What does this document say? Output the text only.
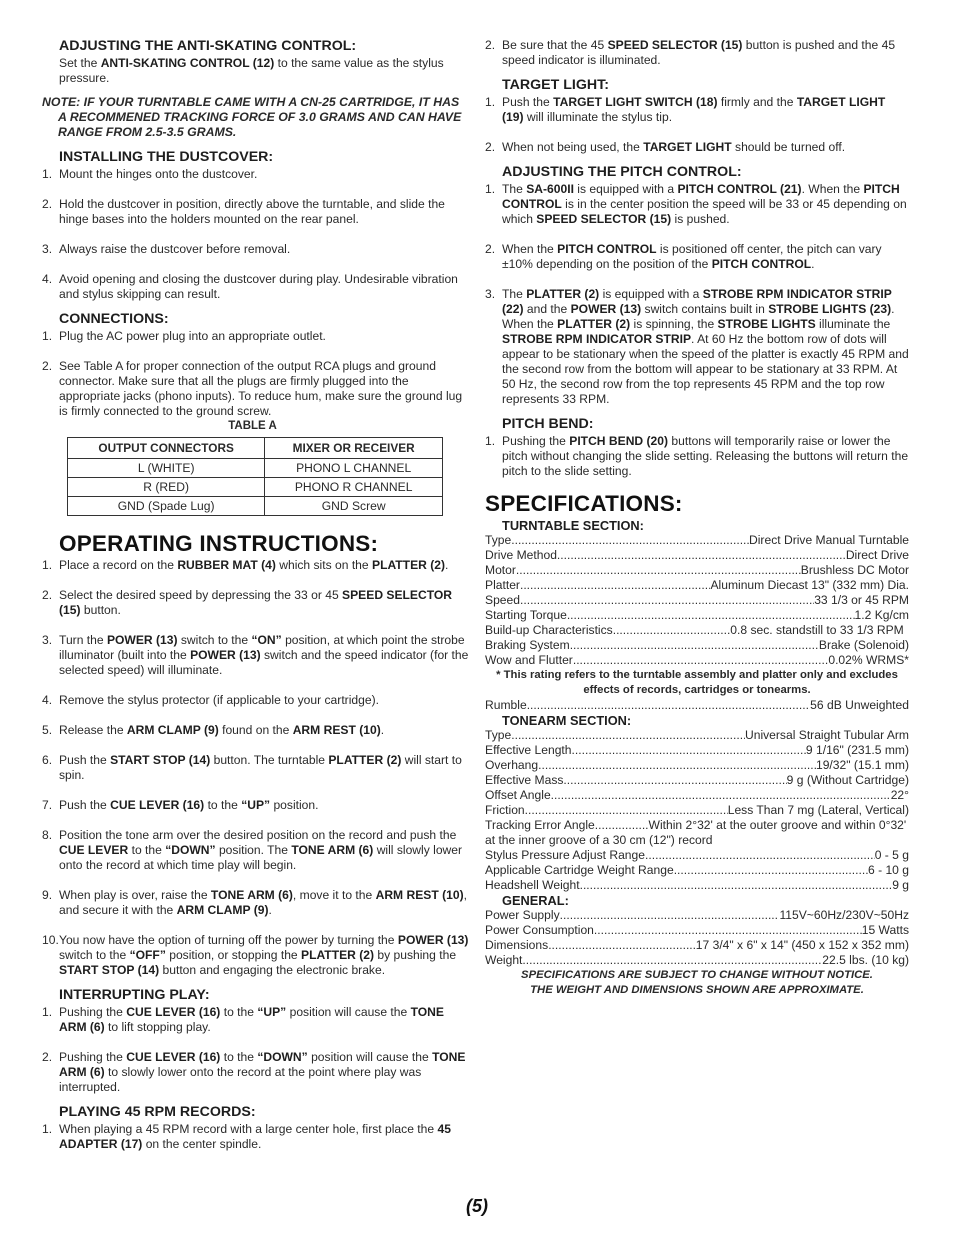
ADJUSTING THE ANTI-SKATING CONTROL:
Set the ANTI-SKATING CONTROL (12) to the same value as the stylus pressure.
NOTE: IF YOUR TURNTABLE CAME WITH A CN-25 CARTRIDGE, IT HAS A RECOMMENED TRACKING FORCE OF 3.0 GRAMS AND CAN HAVE RANGE FROM 2.5-3.5 GRAMS.
INSTALLING THE DUSTCOVER:
1. Mount the hinges onto the dustcover.
2. Hold the dustcover in position, directly above the turntable, and slide the hinge bases into the holders mounted on the rear panel.
3. Always raise the dustcover before removal.
4. Avoid opening and closing the dustcover during play. Undesirable vibration and stylus skipping can result.
CONNECTIONS:
1. Plug the AC power plug into an appropriate outlet.
2. See Table A for proper connection of the output RCA plugs and ground connector. Make sure that all the plugs are firmly plugged into the appropriate jacks (phono inputs). To reduce hum, make sure the ground lug is firmly connected to the ground screw.
TABLE A
OUTPUT CONNECTORS	MIXER OR RECEIVER
L (WHITE)	PHONO L CHANNEL
R (RED)	PHONO R CHANNEL
GND (Spade Lug)	GND Screw
OPERATING INSTRUCTIONS:
1. Place a record on the RUBBER MAT (4) which sits on the PLATTER (2).
2. Select the desired speed by depressing the 33 or 45 SPEED SELECTOR (15) button.
3. Turn the POWER (13) switch to the “ON” position, at which point the strobe illuminator (built into the POWER (13) switch and the speed indicator (for the selected speed) will illuminate.
4. Remove the stylus protector (if applicable to your cartridge).
5. Release the ARM CLAMP (9) found on the ARM REST (10).
6. Push the START STOP (14) button. The turntable PLATTER (2) will start to spin.
7. Push the CUE LEVER (16) to the “UP” position.
8. Position the tone arm over the desired position on the record and push the CUE LEVER to the “DOWN” position. The TONE ARM (6) will slowly lower onto the record at which time play will begin.
9. When play is over, raise the TONE ARM (6), move it to the ARM REST (10), and secure it with the ARM CLAMP (9).
10. You now have the option of turning off the power by turning the POWER (13) switch to the “OFF” position, or stopping the PLATTER (2) by pushing the START STOP (14) button and engaging the electronic brake.
INTERRUPTING PLAY:
1. Pushing the CUE LEVER (16) to the “UP” position will cause the TONE ARM (6) to lift stopping play.
2. Pushing the CUE LEVER (16) to the “DOWN” position will cause the TONE ARM (6) to slowly lower onto the record at the point where play was interrupted.
PLAYING 45 RPM RECORDS:
1. When playing a 45 RPM record with a large center hole, first place the 45 ADAPTER (17) on the center spindle.
2. Be sure that the 45 SPEED SELECTOR (15) button is pushed and the 45 speed indicator is illuminated.
TARGET LIGHT:
1. Push the TARGET LIGHT SWITCH (18) firmly and the TARGET LIGHT (19) will illuminate the stylus tip.
2. When not being used, the TARGET LIGHT should be turned off.
ADJUSTING THE PITCH CONTROL:
1. The SA-600II is equipped with a PITCH CONTROL (21). When the PITCH CONTROL is in the center position the speed will be 33 or 45 depending on which SPEED SELECTOR (15) is pushed.
2. When the PITCH CONTROL is positioned off center, the pitch can vary ±10% depending on the position of the PITCH CONTROL.
3. The PLATTER (2) is equipped with a STROBE RPM INDICATOR STRIP (22) and the POWER (13) switch contains built in STROBE LIGHTS (23). When the PLATTER (2) is spinning, the STROBE LIGHTS illuminate the STROBE RPM INDICATOR STRIP. At 60 Hz the bottom row of dots will appear to be stationary when the speed of the platter is exactly 45 RPM and the second row from the bottom will appear to be stationary at 33 RPM. At 50 Hz, the second row from the top represents 45 RPM and the top row represents 33 RPM.
PITCH BEND:
1. Pushing the PITCH BEND (20) buttons will temporarily raise or lower the pitch without changing the slide setting. Releasing the buttons will return the pitch to the slide setting.
SPECIFICATIONS:
TURNTABLE SECTION:
Type .....	Direct Drive Manual Turntable
Drive Method .....	Direct Drive
Motor .....	Brushless DC Motor
Platter .....	Aluminum Diecast 13" (332 mm) Dia.
Speed .....	33 1/3 or 45 RPM
Starting Torque .....	1.2 Kg/cm
Build-up Characteristics...................................0.8 sec. standstill to 33 1/3 RPM
Braking System .....	Brake (Solenoid)
Wow and Flutter .....	0.02% WRMS*
* This rating refers to the turntable assembly and platter only and excludes effects of records, cartridges or tonearms.
Rumble .....	56 dB Unweighted
TONEARM SECTION:
Type .....	Universal Straight Tubular Arm
Effective Length .....	9 1/16" (231.5 mm)
Overhang .....	19/32" (15.1 mm)
Effective Mass .....	9 g (Without Cartridge)
Offset Angle .....	22°
Friction .....	Less Than 7 mg (Lateral, Vertical)
Tracking Error Angle................Within 2°32' at the outer groove and within 0°32' at the inner groove of a 30 cm (12") record
Stylus Pressure Adjust Range .....	0 - 5 g
Applicable Cartridge Weight Range .....	6 - 10 g
Headshell Weight .....	9 g
GENERAL:
Power Supply .....	115V~60Hz/230V~50Hz
Power Consumption .....	15 Watts
Dimensions .....	17 3/4" x 6" x 14" (450 x 152 x 352 mm)
Weight .....	22.5 lbs. (10 kg)
SPECIFICATIONS ARE SUBJECT TO CHANGE WITHOUT NOTICE.
THE WEIGHT AND DIMENSIONS SHOWN ARE APPROXIMATE.
(5)
